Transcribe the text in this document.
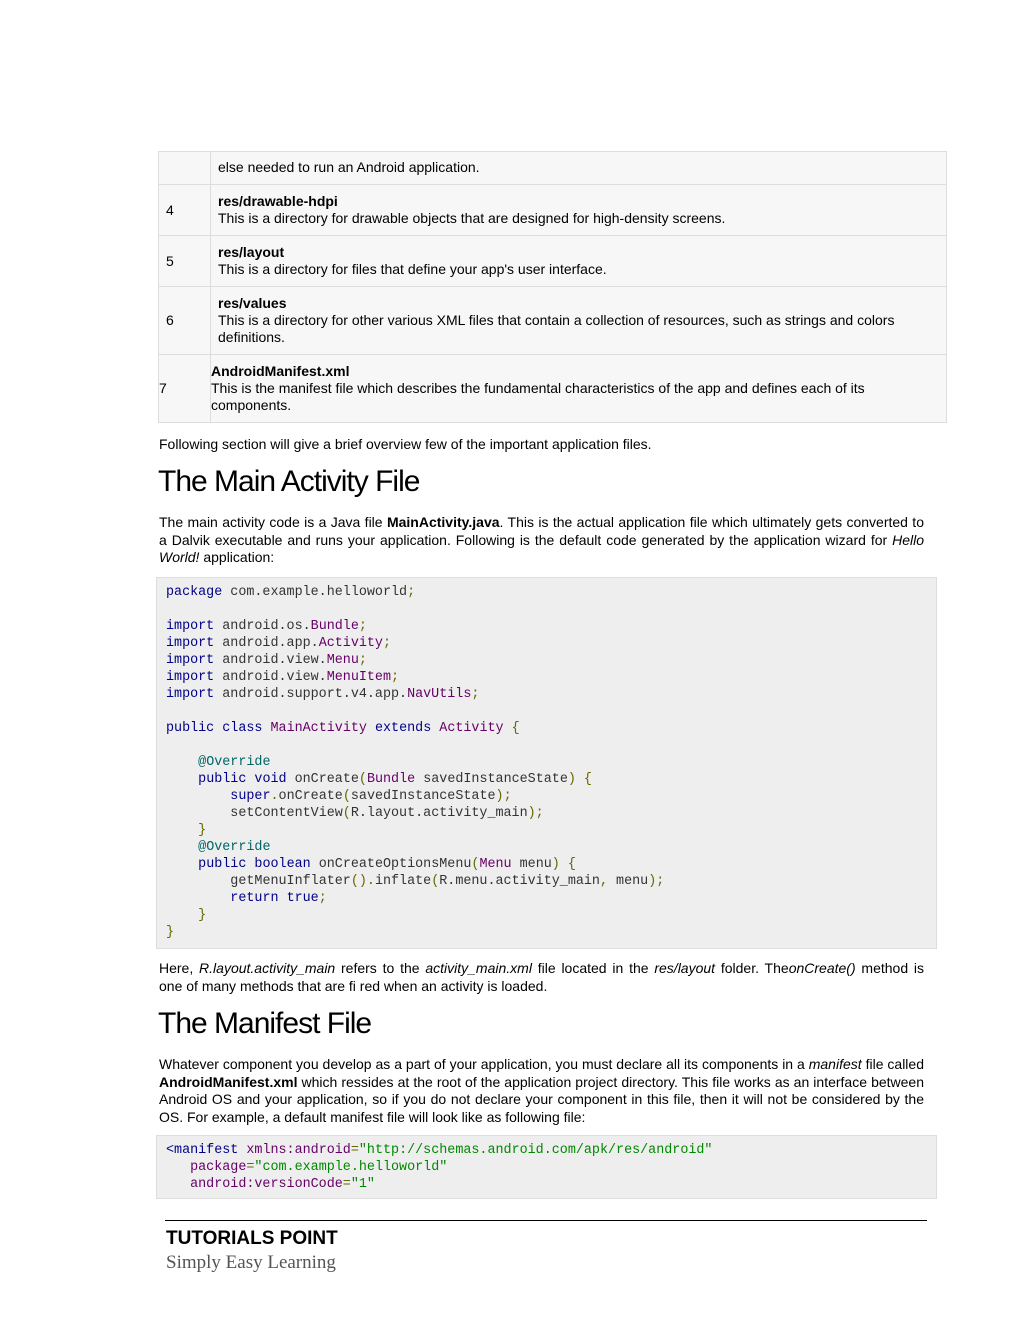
	else needed to run an Android application.
4	res/drawable-hdpi
This is a directory for drawable objects that are designed for high-density screens.
5	res/layout
This is a directory for files that define your app's user interface.
6	res/values
This is a directory for other various XML files that contain a collection of resources, such as strings and colors definitions.
7	AndroidManifest.xml
This is the manifest file which describes the fundamental characteristics of the app and defines each of its components.

Following section will give a brief overview few of the important application files.

The Main Activity File

The main activity code is a Java file MainActivity.java. This is the actual application file which ultimately gets converted to a Dalvik executable and runs your application. Following is the default code generated by the application wizard for Hello World! application:

package com.example.helloworld;

import android.os.Bundle;
import android.app.Activity;
import android.view.Menu;
import android.view.MenuItem;
import android.support.v4.app.NavUtils;

public class MainActivity extends Activity {

@Override
public void onCreate(Bundle savedInstanceState) {
super.onCreate(savedInstanceState);
setContentView(R.layout.activity_main);
}
@Override
public boolean onCreateOptionsMenu(Menu menu) {
getMenuInflater().inflate(R.menu.activity_main, menu);
return true;
}
}

Here, R.layout.activity_main refers to the activity_main.xml file located in the res/layout folder. TheonCreate() method is one of many methods that are fi red when an activity is loaded.

The Manifest File

Whatever component you develop as a part of your application, you must declare all its components in a manifest file called AndroidManifest.xml which ressides at the root of the application project directory. This file works as an interface between Android OS and your application, so if you do not declare your component in this file, then it will not be considered by the OS. For example, a default manifest file will look like as following file:

<manifest xmlns:android="http://schemas.android.com/apk/res/android"
package="com.example.helloworld"
android:versionCode="1"
TUTORIALS POINT
Simply Easy Learning
